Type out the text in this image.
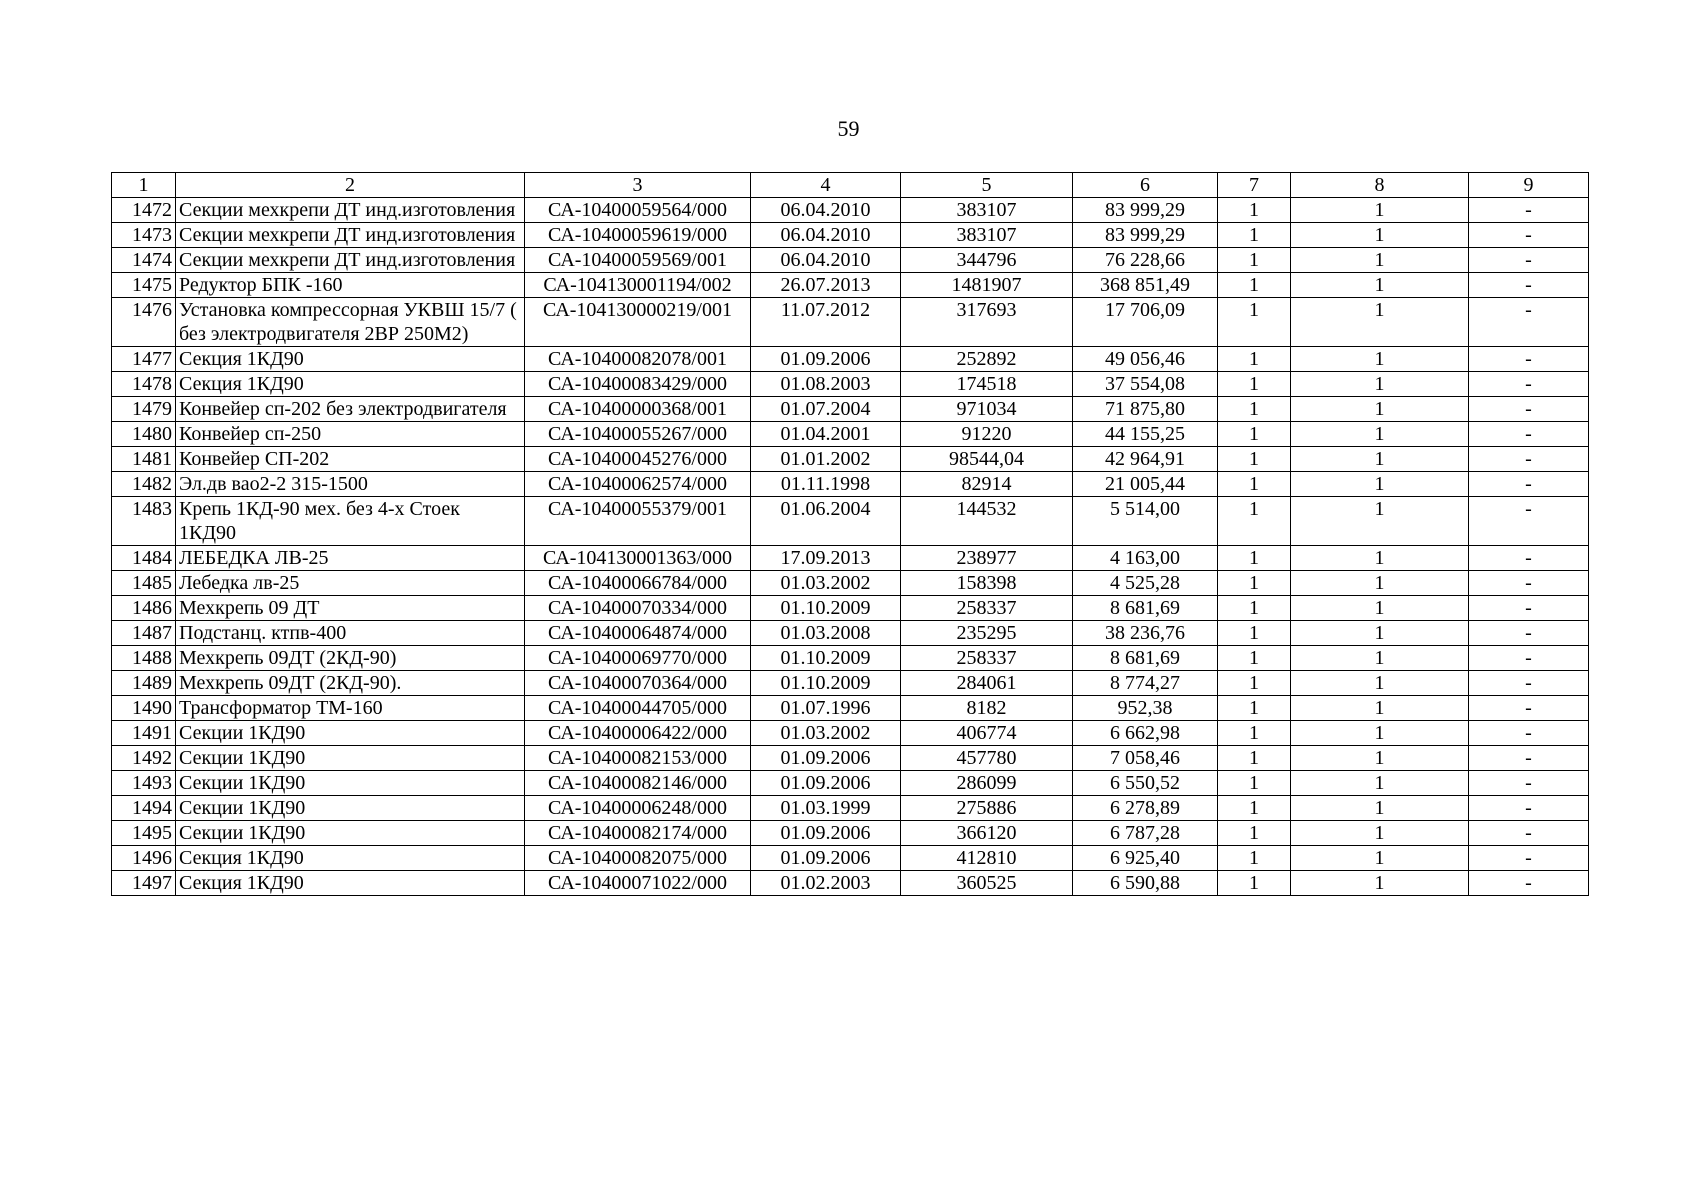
59
1	2	3	4	5	6	7	8	9
1472	Секции мехкрепи ДТ инд.изготовления	СА-10400059564/000	06.04.2010	383107	83 999,29	1	1	-
1473	Секции мехкрепи ДТ инд.изготовления	СА-10400059619/000	06.04.2010	383107	83 999,29	1	1	-
1474	Секции мехкрепи ДТ инд.изготовления	СА-10400059569/001	06.04.2010	344796	76 228,66	1	1	-
1475	Редуктор БПК -160	СА-104130001194/002	26.07.2013	1481907	368 851,49	1	1	-
1476	Установка компрессорная УКВШ 15/7 ( без электродвигателя 2ВР 250М2)	СА-104130000219/001	11.07.2012	317693	17 706,09	1	1	-
1477	Секция 1КД90	СА-10400082078/001	01.09.2006	252892	49 056,46	1	1	-
1478	Секция 1КД90	СА-10400083429/000	01.08.2003	174518	37 554,08	1	1	-
1479	Конвейер сп-202 без электродвигателя	СА-10400000368/001	01.07.2004	971034	71 875,80	1	1	-
1480	Конвейер сп-250	СА-10400055267/000	01.04.2001	91220	44 155,25	1	1	-
1481	Конвейер СП-202	СА-10400045276/000	01.01.2002	98544,04	42 964,91	1	1	-
1482	Эл.дв вао2-2 315-1500	СА-10400062574/000	01.11.1998	82914	21 005,44	1	1	-
1483	Крепь 1КД-90 мех. без 4-х Стоек 1КД90	СА-10400055379/001	01.06.2004	144532	5 514,00	1	1	-
1484	ЛЕБЕДКА ЛВ-25	СА-104130001363/000	17.09.2013	238977	4 163,00	1	1	-
1485	Лебедка лв-25	СА-10400066784/000	01.03.2002	158398	4 525,28	1	1	-
1486	Мехкрепь 09 ДТ	СА-10400070334/000	01.10.2009	258337	8 681,69	1	1	-
1487	Подстанц. ктпв-400	СА-10400064874/000	01.03.2008	235295	38 236,76	1	1	-
1488	Мехкрепь 09ДТ (2КД-90)	СА-10400069770/000	01.10.2009	258337	8 681,69	1	1	-
1489	Мехкрепь 09ДТ (2КД-90).	СА-10400070364/000	01.10.2009	284061	8 774,27	1	1	-
1490	Трансформатор ТМ-160	СА-10400044705/000	01.07.1996	8182	952,38	1	1	-
1491	Секции 1КД90	СА-10400006422/000	01.03.2002	406774	6 662,98	1	1	-
1492	Секции 1КД90	СА-10400082153/000	01.09.2006	457780	7 058,46	1	1	-
1493	Секции 1КД90	СА-10400082146/000	01.09.2006	286099	6 550,52	1	1	-
1494	Секции 1КД90	СА-10400006248/000	01.03.1999	275886	6 278,89	1	1	-
1495	Секции 1КД90	СА-10400082174/000	01.09.2006	366120	6 787,28	1	1	-
1496	Секция 1КД90	СА-10400082075/000	01.09.2006	412810	6 925,40	1	1	-
1497	Секция 1КД90	СА-10400071022/000	01.02.2003	360525	6 590,88	1	1	-
